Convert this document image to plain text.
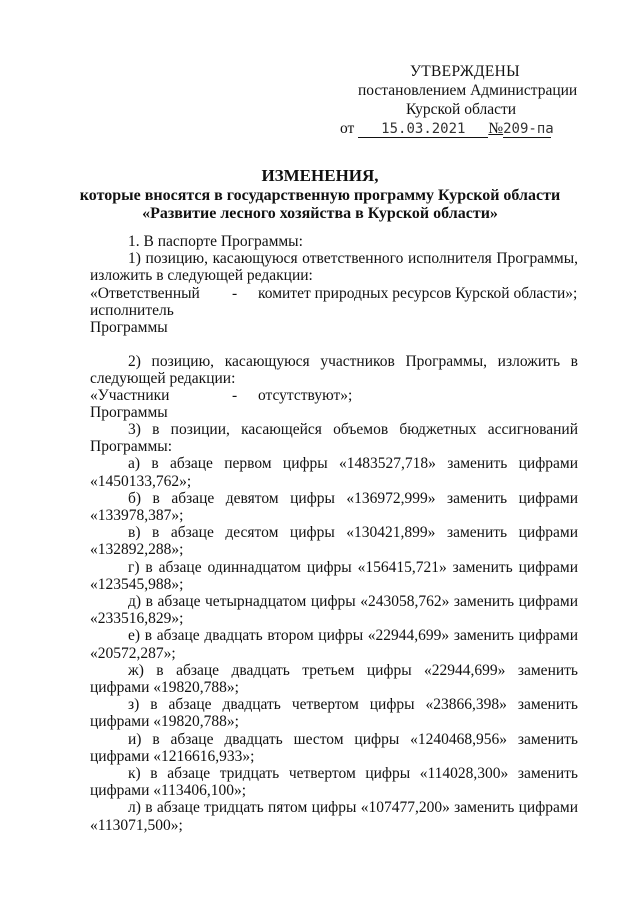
УТВЕРЖДЕНЫ
постановлением Администрации
Курской области
от 15.03.2021 №209-па
ИЗМЕНЕНИЯ,
которые вносятся в государственную программу Курской области
«Развитие лесного хозяйства в Курской области»

1. В паспорте Программы:

1) позицию, касающуюся ответственного исполнителя Программы, изложить в следующей редакции:

«Ответственный
исполнитель
Программы
- комитет природных ресурсов Курской области»;

2) позицию, касающуюся участников Программы, изложить в следующей редакции:

«Участники
Программы
- отсутствуют»;

3) в позиции, касающейся объемов бюджетных ассигнований Программы:

а) в абзаце первом цифры «1483527,718» заменить цифрами «1450133,762»;

б) в абзаце девятом цифры «136972,999» заменить цифрами «133978,387»;

в) в абзаце десятом цифры «130421,899» заменить цифрами «132892,288»;

г) в абзаце одиннадцатом цифры «156415,721» заменить цифрами «123545,988»;

д) в абзаце четырнадцатом цифры «243058,762» заменить цифрами «233516,829»;

е) в абзаце двадцать втором цифры «22944,699» заменить цифрами «20572,287»;

ж) в абзаце двадцать третьем цифры «22944,699» заменить цифрами «19820,788»;

з) в абзаце двадцать четвертом цифры «23866,398» заменить цифрами «19820,788»;

и) в абзаце двадцать шестом цифры «1240468,956» заменить цифрами «1216616,933»;

к) в абзаце тридцать четвертом цифры «114028,300» заменить цифрами «113406,100»;

л) в абзаце тридцать пятом цифры «107477,200» заменить цифрами «113071,500»;
